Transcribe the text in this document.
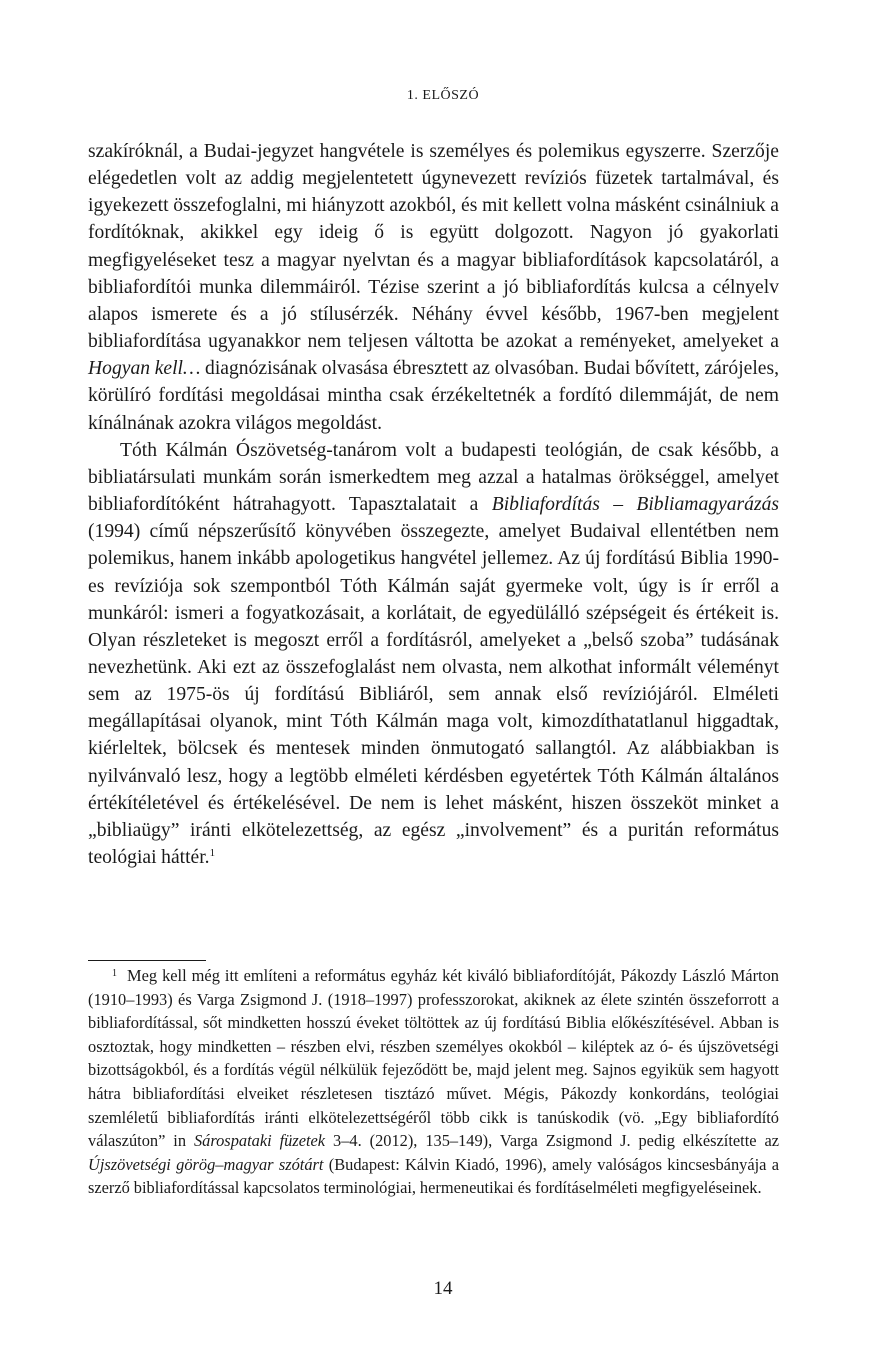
1. ELŐSZÓ

szakíróknál, a Budai-jegyzet hangvétele is személyes és polemikus egyszerre. Szerzője elégedetlen volt az addig megjelentetett úgynevezett revíziós füzetek tartalmával, és igyekezett összefoglalni, mi hiányzott azokból, és mit kellett volna másként csinálniuk a fordítóknak, akikkel egy ideig ő is együtt dolgozott. Nagyon jó gyakorlati megfigyeléseket tesz a magyar nyelvtan és a magyar bibliafordítások kapcsolatáról, a bibliafordítói munka dilemmáiról. Tézise szerint a jó bibliafordítás kulcsa a célnyelv alapos ismerete és a jó stílusérzék. Néhány évvel később, 1967-ben megjelent bibliafordítása ugyanakkor nem teljesen váltotta be azokat a reményeket, amelyeket a Hogyan kell… diagnózisának olvasása ébresztett az olvasóban. Budai bővített, zárójeles, körülíró fordítási megoldásai mintha csak érzékeltetnék a fordító dilemmáját, de nem kínálnának azokra világos megoldást.

Tóth Kálmán Ószövetség-tanárom volt a budapesti teológián, de csak később, a bibliatársulati munkám során ismerkedtem meg azzal a hatalmas örökséggel, amelyet bibliafordítóként hátrahagyott. Tapasztalatait a Bibliafordítás – Bibliamagyarázás (1994) című népszerűsítő könyvében összegezte, amelyet Budaival ellentétben nem polemikus, hanem inkább apologetikus hangvétel jellemez. Az új fordítású Biblia 1990-es revíziója sok szempontból Tóth Kálmán saját gyermeke volt, úgy is ír erről a munkáról: ismeri a fogyatkozásait, a korlátait, de egyedülálló szépségeit és értékeit is. Olyan részleteket is megoszt erről a fordításról, amelyeket a „belső szoba” tudásának nevezhetünk. Aki ezt az összefoglalást nem olvasta, nem alkothat informált véleményt sem az 1975-ös új fordítású Bibliáról, sem annak első revíziójáról. Elméleti megállapításai olyanok, mint Tóth Kálmán maga volt, kimozdíthatatlanul higgadtak, kiérleltek, bölcsek és mentesek minden önmutogató sallangtól. Az alábbiakban is nyilvánvaló lesz, hogy a legtöbb elméleti kérdésben egyetértek Tóth Kálmán általános értékítéletével és értékelésével. De nem is lehet másként, hiszen összeköt minket a „bibliaügy” iránti elkötelezettség, az egész „involvement” és a puritán református teológiai háttér.$^1$

$^1$ Meg kell még itt említeni a református egyház két kiváló bibliafordítóját, Pákozdy László Márton (1910–1993) és Varga Zsigmond J. (1918–1997) professzorokat, akiknek az élete szintén összeforrott a bibliafordítással, sőt mindketten hosszú éveket töltöttek az új fordítású Biblia előkészítésével. Abban is osztoztak, hogy mindketten – részben elvi, részben személyes okokból – kiléptek az ó- és újszövetségi bizottságokból, és a fordítás végül nélkülük fejeződött be, majd jelent meg. Sajnos egyikük sem hagyott hátra bibliafordítási elveiket részletesen tisztázó művet. Mégis, Pákozdy konkordáns, teológiai szemléletű bibliafordítás iránti elkötelezettségéről több cikk is tanúskodik (vö. „Egy bibliafordító válaszúton” in Sárospataki füzetek 3–4. (2012), 135–149), Varga Zsigmond J. pedig elkészítette az Újszövetségi görög–magyar szótárt (Budapest: Kálvin Kiadó, 1996), amely valóságos kincsesbányája a szerző bibliafordítással kapcsolatos terminológiai, hermeneutikai és fordításelméleti megfigyeléseinek.

14
